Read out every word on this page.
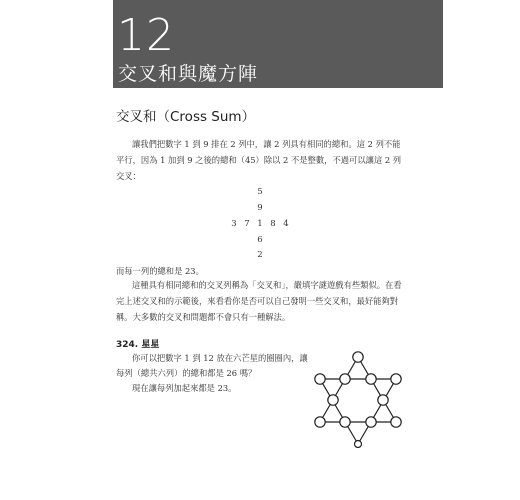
12
交叉和與魔方陣
交叉和（Cross Sum）
讓我們把數字 1 到 9 排在 2 列中，讓 2 列具有相同的總和。這 2 列不能平行，因為 1 加到 9 之後的總和（45）除以 2 不是整數，不過可以讓這 2 列交叉：
5
9
3 7 1 8 4
6
2
而每一列的總和是 23。
這種具有相同總和的交叉列稱為「交叉和」，嚴填字謎遊戲有些類似。在看完上述交叉和的示範後，來看看你是否可以自己發明一些交叉和，最好能夠對稱。大多數的交叉和問題都不會只有一種解法。
324. 星星
你可以把數字 1 到 12 放在六芒星的圈圈內，讓每列（總共六列）的總和都是 26 嗎？
現在讓每列加起來都是 23。
